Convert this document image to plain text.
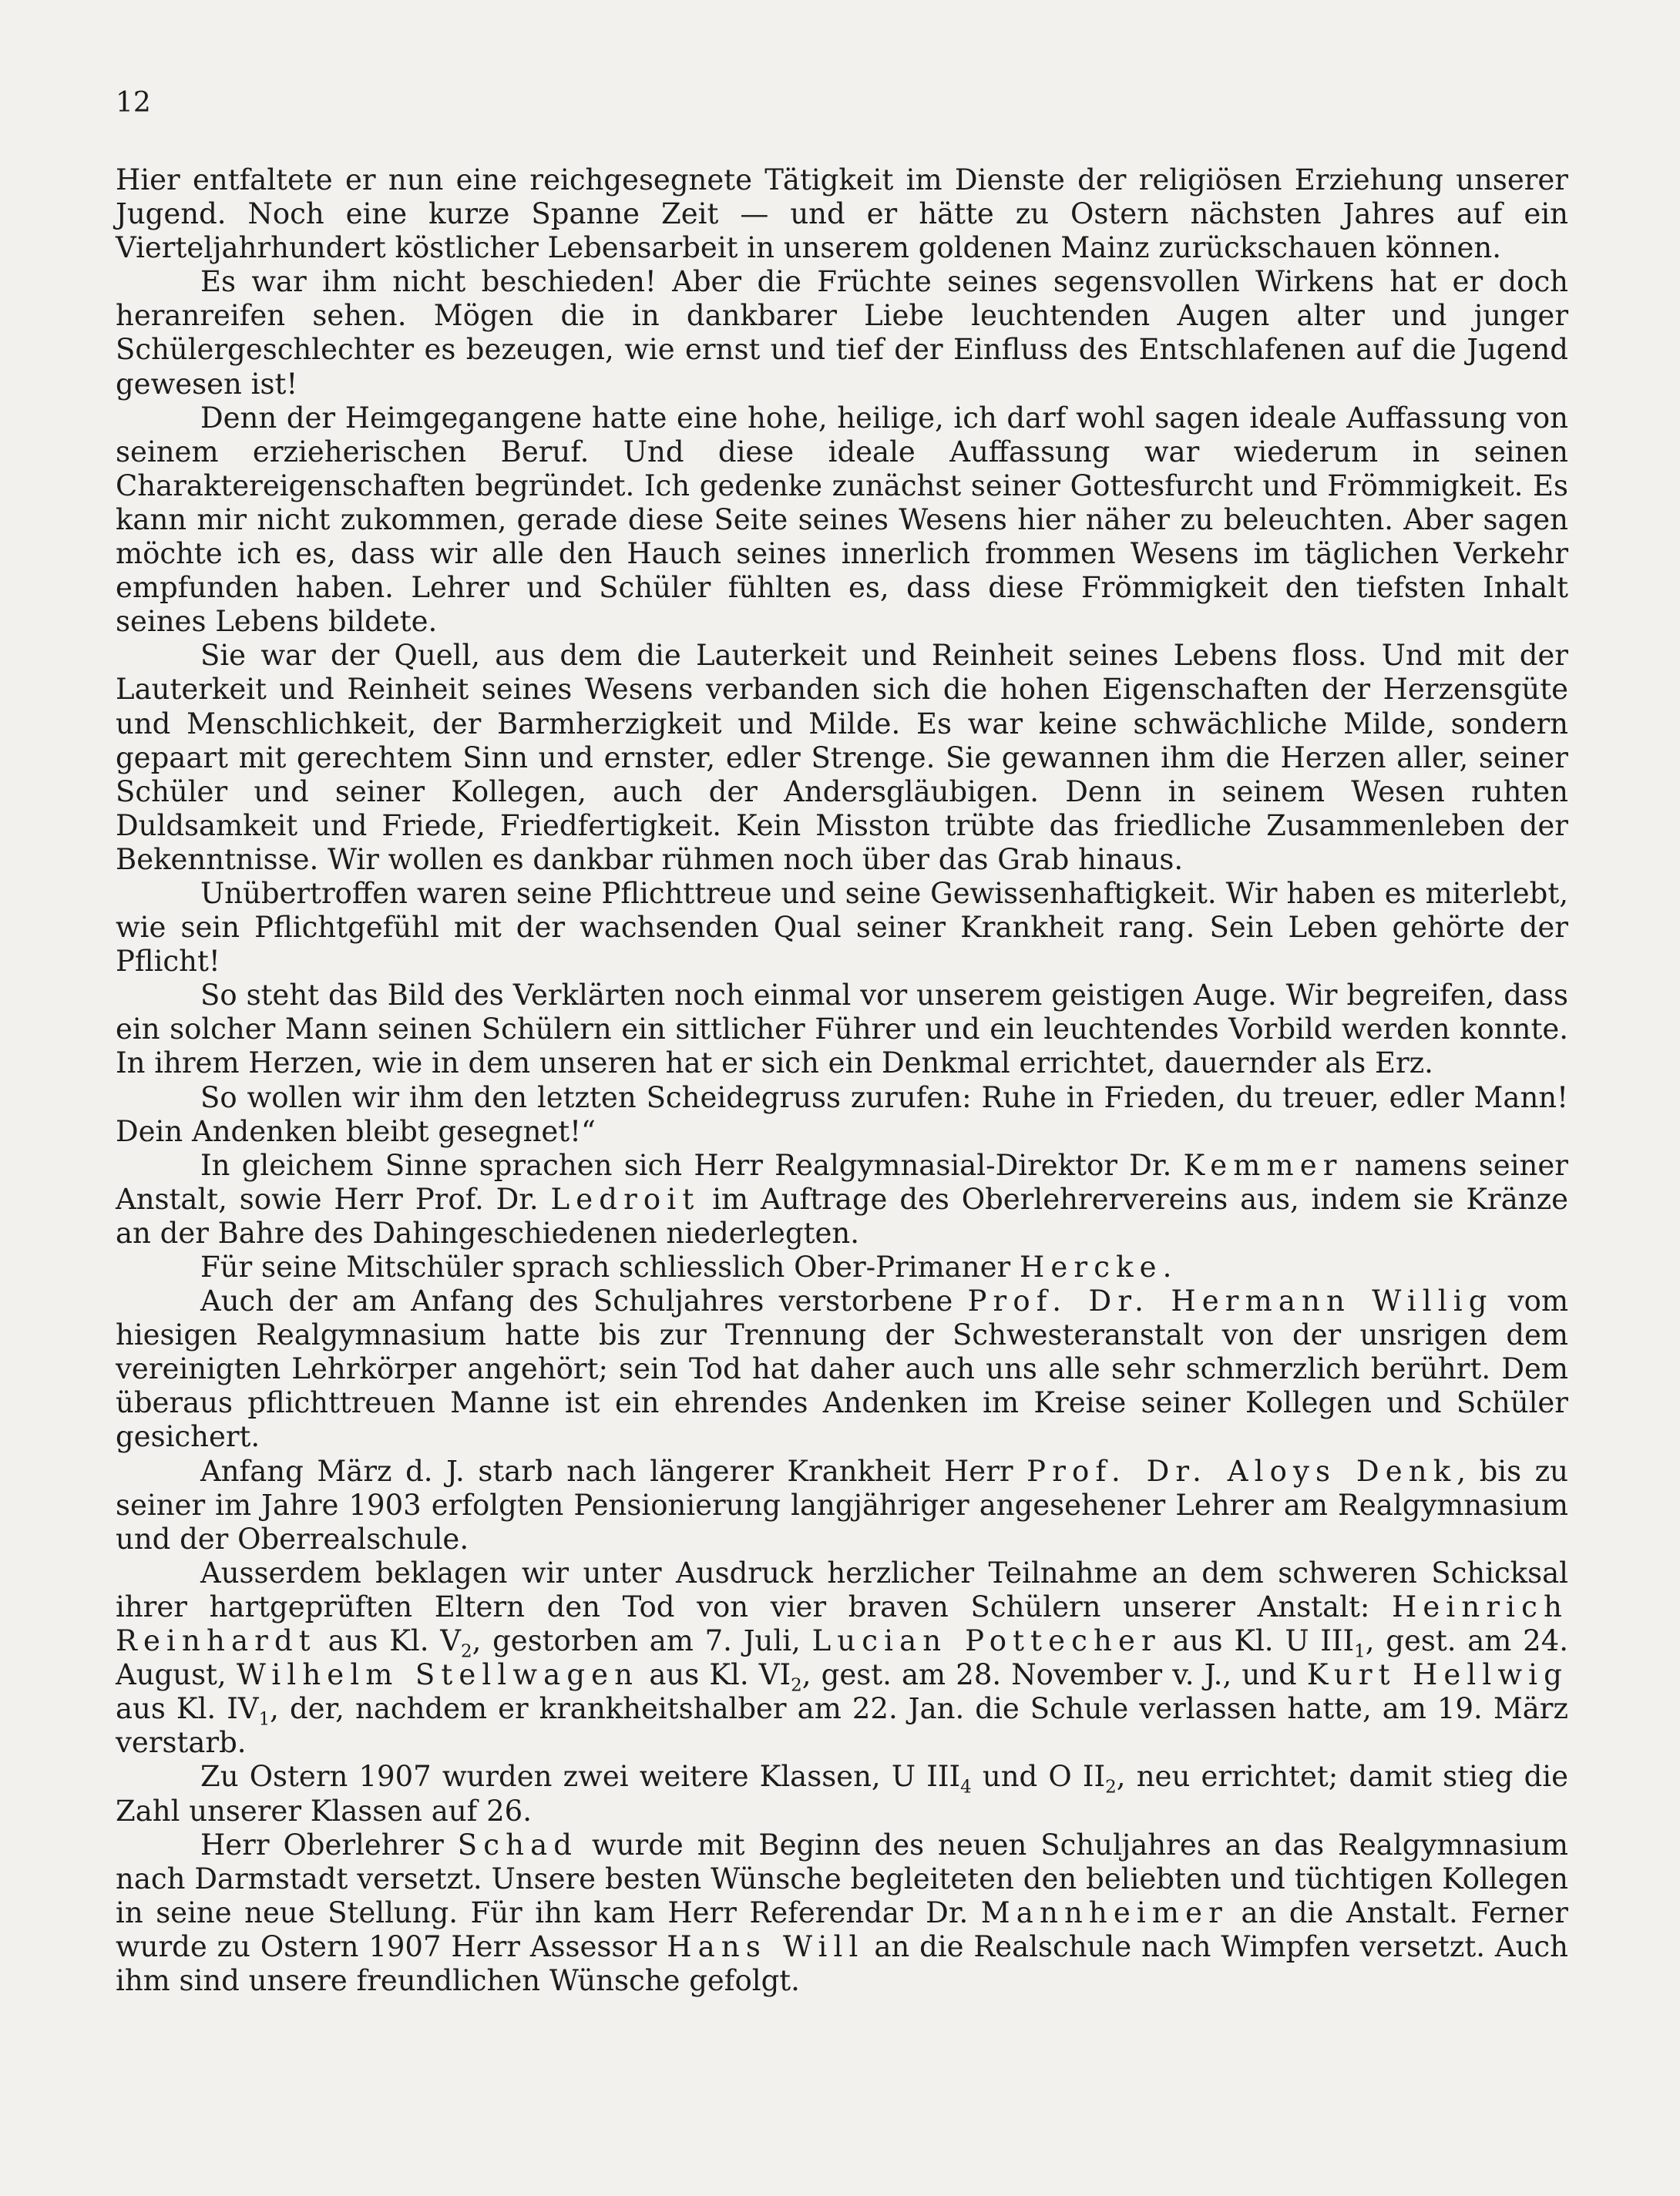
12

Hier entfaltete er nun eine reichgesegnete Tätigkeit im Dienste der religiösen Erziehung unserer Jugend. Noch eine kurze Spanne Zeit — und er hätte zu Ostern nächsten Jahres auf ein Vierteljahrhundert köstlicher Lebensarbeit in unserem goldenen Mainz zurückschauen können.

Es war ihm nicht beschieden! Aber die Früchte seines segensvollen Wirkens hat er doch heranreifen sehen. Mögen die in dankbarer Liebe leuchtenden Augen alter und junger Schülergeschlechter es bezeugen, wie ernst und tief der Einfluss des Entschlafenen auf die Jugend gewesen ist!

Denn der Heimgegangene hatte eine hohe, heilige, ich darf wohl sagen ideale Auffassung von seinem erzieherischen Beruf. Und diese ideale Auffassung war wiederum in seinen Charaktereigenschaften begründet. Ich gedenke zunächst seiner Gottesfurcht und Frömmigkeit. Es kann mir nicht zukommen, gerade diese Seite seines Wesens hier näher zu beleuchten. Aber sagen möchte ich es, dass wir alle den Hauch seines innerlich frommen Wesens im täglichen Verkehr empfunden haben. Lehrer und Schüler fühlten es, dass diese Frömmigkeit den tiefsten Inhalt seines Lebens bildete.

Sie war der Quell, aus dem die Lauterkeit und Reinheit seines Lebens floss. Und mit der Lauterkeit und Reinheit seines Wesens verbanden sich die hohen Eigenschaften der Herzensgüte und Menschlichkeit, der Barmherzigkeit und Milde. Es war keine schwächliche Milde, sondern gepaart mit gerechtem Sinn und ernster, edler Strenge. Sie gewannen ihm die Herzen aller, seiner Schüler und seiner Kollegen, auch der Andersgläubigen. Denn in seinem Wesen ruhten Duldsamkeit und Friede, Friedfertigkeit. Kein Misston trübte das friedliche Zusammenleben der Bekenntnisse. Wir wollen es dankbar rühmen noch über das Grab hinaus.

Unübertroffen waren seine Pflichttreue und seine Gewissenhaftigkeit. Wir haben es miterlebt, wie sein Pflichtgefühl mit der wachsenden Qual seiner Krankheit rang. Sein Leben gehörte der Pflicht!

So steht das Bild des Verklärten noch einmal vor unserem geistigen Auge. Wir begreifen, dass ein solcher Mann seinen Schülern ein sittlicher Führer und ein leuchtendes Vorbild werden konnte. In ihrem Herzen, wie in dem unseren hat er sich ein Denkmal errichtet, dauernder als Erz.

So wollen wir ihm den letzten Scheidegruss zurufen: Ruhe in Frieden, du treuer, edler Mann! Dein Andenken bleibt gesegnet!“

In gleichem Sinne sprachen sich Herr Realgymnasial-Direktor Dr. Kemmer namens seiner Anstalt, sowie Herr Prof. Dr. Ledroit im Auftrage des Oberlehrervereins aus, indem sie Kränze an der Bahre des Dahingeschiedenen niederlegten.

Für seine Mitschüler sprach schliesslich Ober-Primaner Hercke.

Auch der am Anfang des Schuljahres verstorbene Prof. Dr. Hermann Willig vom hiesigen Realgymnasium hatte bis zur Trennung der Schwesteranstalt von der unsrigen dem vereinigten Lehrkörper angehört; sein Tod hat daher auch uns alle sehr schmerzlich berührt. Dem überaus pflichttreuen Manne ist ein ehrendes Andenken im Kreise seiner Kollegen und Schüler gesichert.

Anfang März d. J. starb nach längerer Krankheit Herr Prof. Dr. Aloys Denk, bis zu seiner im Jahre 1903 erfolgten Pensionierung langjähriger angesehener Lehrer am Realgymnasium und der Oberrealschule.

Ausserdem beklagen wir unter Ausdruck herzlicher Teilnahme an dem schweren Schicksal ihrer hartgeprüften Eltern den Tod von vier braven Schülern unserer Anstalt: Heinrich Reinhardt aus Kl. $V_2$, gestorben am 7. Juli, Lucian Pottecher aus Kl. U $III_1$, gest. am 24. August, Wilhelm Stellwagen aus Kl. $VI_2$, gest. am 28. November v. J., und Kurt Hellwig aus Kl. $IV_1$, der, nachdem er krankheitshalber am 22. Jan. die Schule verlassen hatte, am 19. März verstarb.

Zu Ostern 1907 wurden zwei weitere Klassen, U $III_4$ und O $II_2$, neu errichtet; damit stieg die Zahl unserer Klassen auf 26.

Herr Oberlehrer Schad wurde mit Beginn des neuen Schuljahres an das Realgymnasium nach Darmstadt versetzt. Unsere besten Wünsche begleiteten den beliebten und tüchtigen Kollegen in seine neue Stellung. Für ihn kam Herr Referendar Dr. Mannheimer an die Anstalt. Ferner wurde zu Ostern 1907 Herr Assessor Hans Will an die Realschule nach Wimpfen versetzt. Auch ihm sind unsere freundlichen Wünsche gefolgt.
